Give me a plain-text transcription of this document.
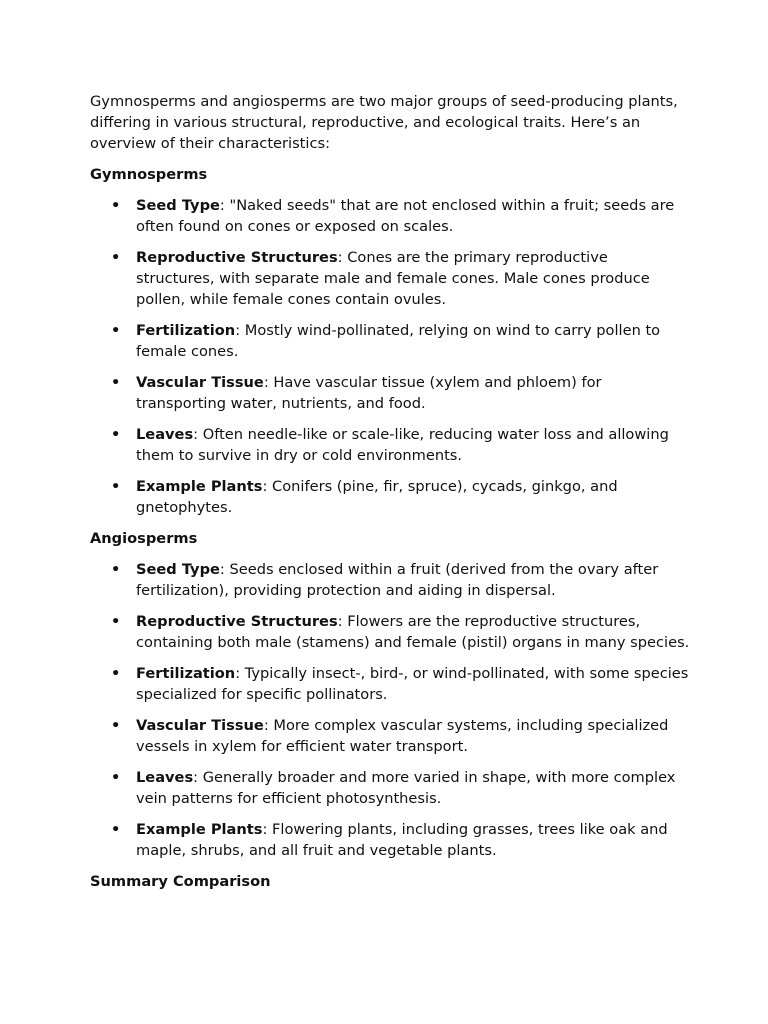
Gymnosperms and angiosperms are two major groups of seed-producing plants, differing in various structural, reproductive, and ecological traits. Here’s an overview of their characteristics:

Gymnosperms
• Seed Type: "Naked seeds" that are not enclosed within a fruit; seeds are often found on cones or exposed on scales.
• Reproductive Structures: Cones are the primary reproductive structures, with separate male and female cones. Male cones produce pollen, while female cones contain ovules.
• Fertilization: Mostly wind-pollinated, relying on wind to carry pollen to female cones.
• Vascular Tissue: Have vascular tissue (xylem and phloem) for transporting water, nutrients, and food.
• Leaves: Often needle-like or scale-like, reducing water loss and allowing them to survive in dry or cold environments.
• Example Plants: Conifers (pine, fir, spruce), cycads, ginkgo, and gnetophytes.
Angiosperms
• Seed Type: Seeds enclosed within a fruit (derived from the ovary after fertilization), providing protection and aiding in dispersal.
• Reproductive Structures: Flowers are the reproductive structures, containing both male (stamens) and female (pistil) organs in many species.
• Fertilization: Typically insect-, bird-, or wind-pollinated, with some species specialized for specific pollinators.
• Vascular Tissue: More complex vascular systems, including specialized vessels in xylem for efficient water transport.
• Leaves: Generally broader and more varied in shape, with more complex vein patterns for efficient photosynthesis.
• Example Plants: Flowering plants, including grasses, trees like oak and maple, shrubs, and all fruit and vegetable plants.
Summary Comparison
